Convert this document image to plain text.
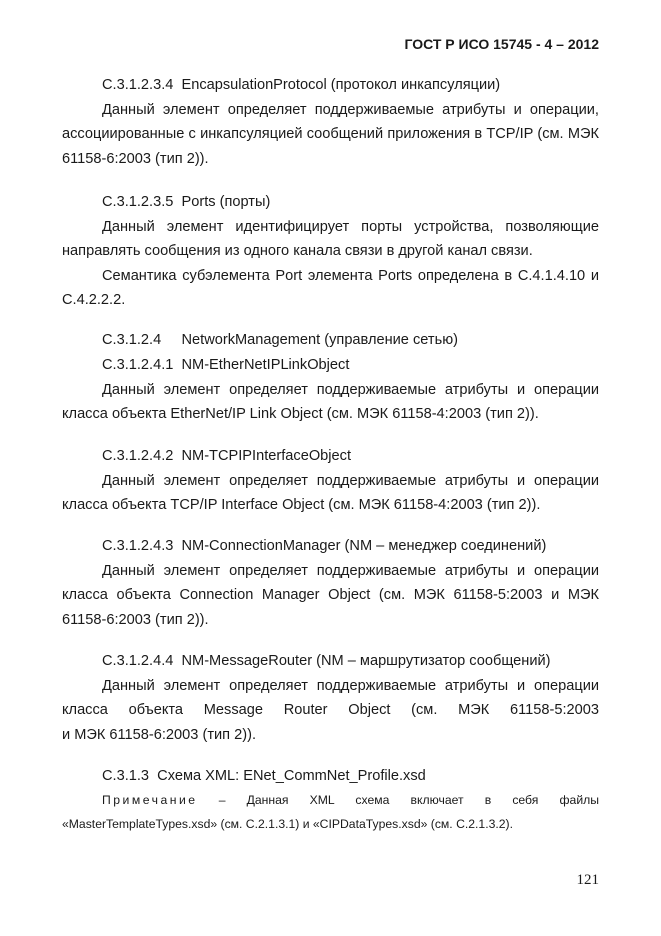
ГОСТ Р ИСО 15745 - 4 – 2012
C.3.1.2.3.4  EncapsulationProtocol (протокол инкапсуляции)
Данный элемент определяет поддерживаемые атрибуты и операции,
ассоциированные с инкапсуляцией сообщений приложения в TCP/IP (см. МЭК
61158-6:2003 (тип 2)).
C.3.1.2.3.5  Ports (порты)
Данный элемент идентифицирует порты устройства, позволяющие
направлять сообщения из одного канала связи в другой канал связи.
Семантика субэлемента Port элемента Ports определена в C.4.1.4.10 и
C.4.2.2.2.
C.3.1.2.4     NetworkManagement (управление сетью)
C.3.1.2.4.1  NM-EtherNetIPLinkObject
Данный элемент определяет поддерживаемые атрибуты и операции
класса объекта EtherNet/IP Link Object (см. МЭК 61158-4:2003 (тип 2)).
C.3.1.2.4.2  NM-TCPIPInterfaceObject
Данный элемент определяет поддерживаемые атрибуты и операции
класса объекта TCP/IP Interface Object (см. МЭК 61158-4:2003 (тип 2)).
C.3.1.2.4.3  NM-ConnectionManager (NM – менеджер соединений)
Данный элемент определяет поддерживаемые атрибуты и операции
класса объекта Connection Manager Object (см. МЭК 61158-5:2003 и МЭК
61158-6:2003 (тип 2)).
C.3.1.2.4.4  NM-MessageRouter (NM – маршрутизатор сообщений)
Данный элемент определяет поддерживаемые атрибуты и операции
класса объекта Message Router Object (см. МЭК 61158-5:2003
и МЭК 61158-6:2003 (тип 2)).
C.3.1.3  Схема XML: ENet_CommNet_Profile.xsd
Примечание – Данная XML схема включает в себя файлы
«MasterTemplateTypes.xsd» (см. C.2.1.3.1) и «CIPDataTypes.xsd» (см. C.2.1.3.2).
121
